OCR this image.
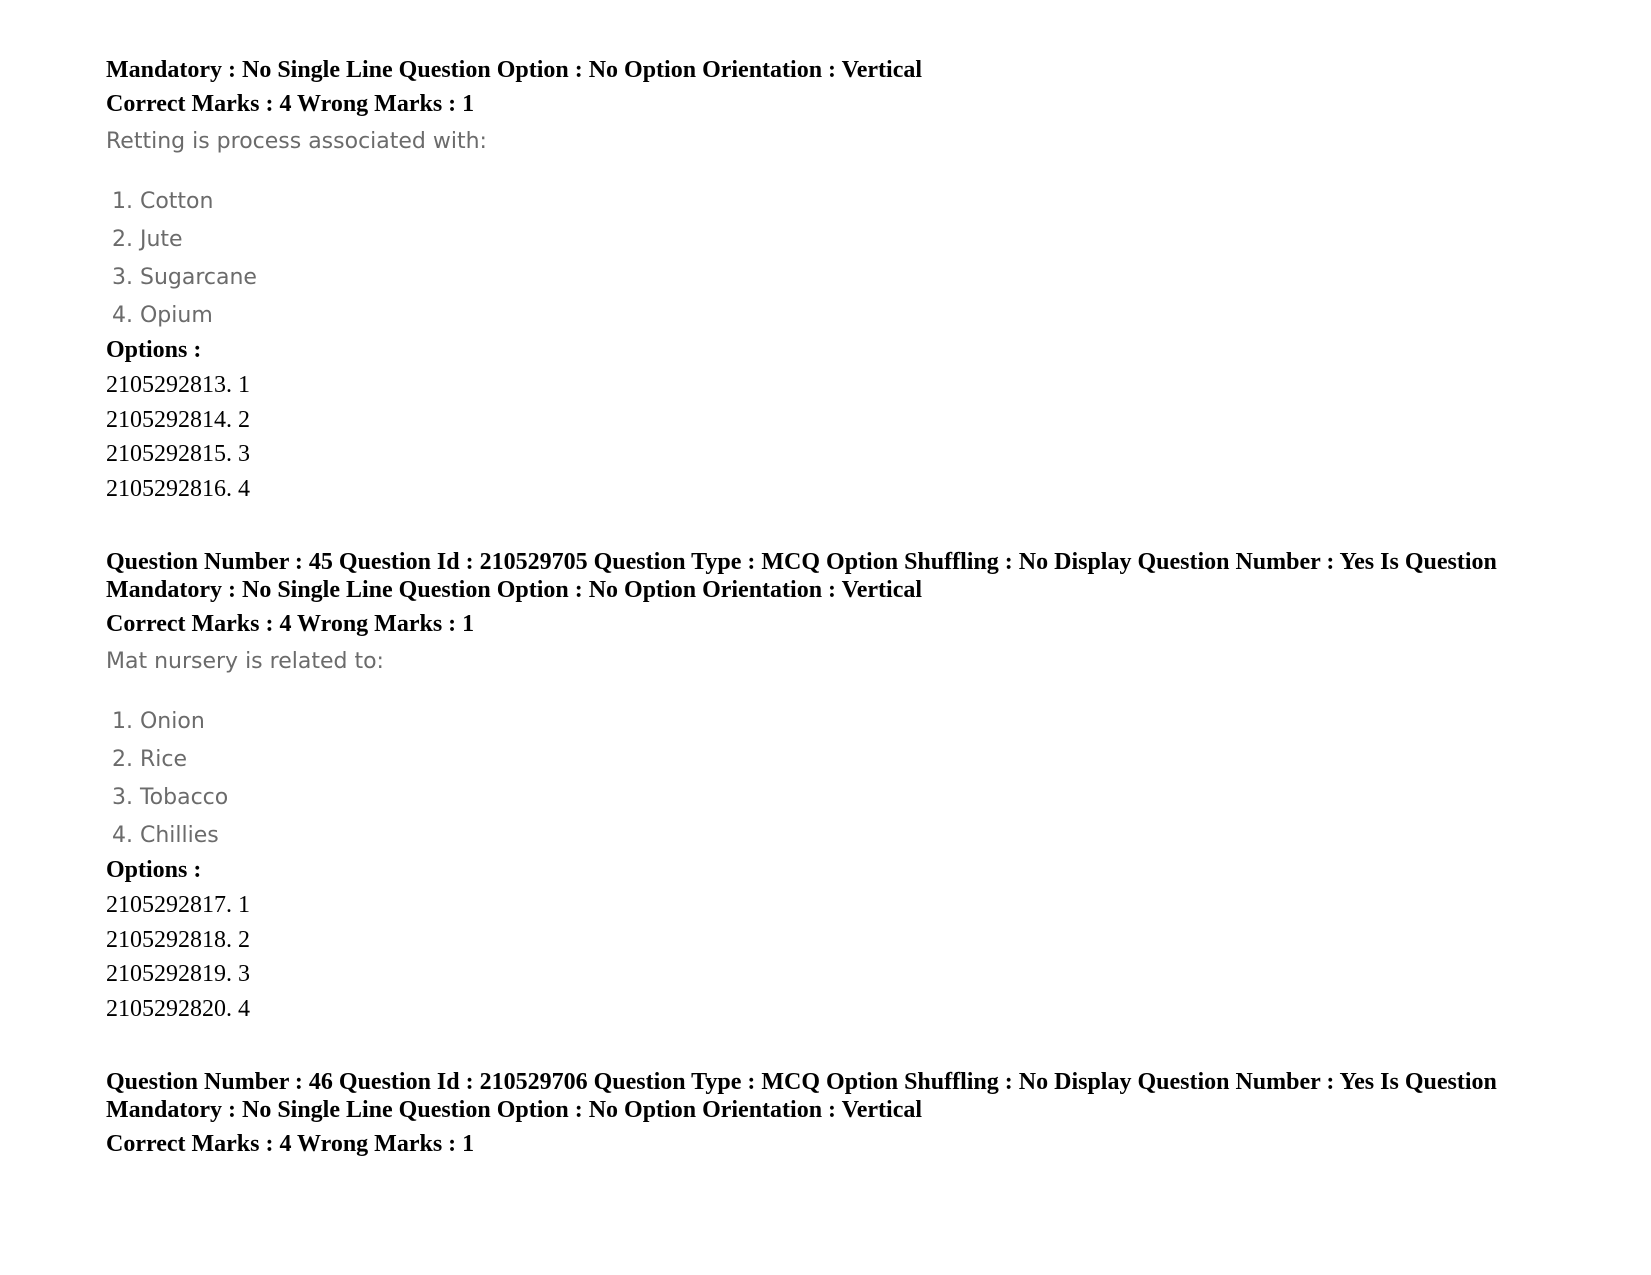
Mandatory : No Single Line Question Option : No Option Orientation : Vertical
Correct Marks : 4 Wrong Marks : 1
Retting is process associated with:
1. Cotton
2. Jute
3. Sugarcane
4. Opium
Options :
2105292813. 1
2105292814. 2
2105292815. 3
2105292816. 4
Question Number : 45 Question Id : 210529705 Question Type : MCQ Option Shuffling : No Display Question Number : Yes Is Question
Mandatory : No Single Line Question Option : No Option Orientation : Vertical
Correct Marks : 4 Wrong Marks : 1
Mat nursery is related to:
1. Onion
2. Rice
3. Tobacco
4. Chillies
Options :
2105292817. 1
2105292818. 2
2105292819. 3
2105292820. 4
Question Number : 46 Question Id : 210529706 Question Type : MCQ Option Shuffling : No Display Question Number : Yes Is Question
Mandatory : No Single Line Question Option : No Option Orientation : Vertical
Correct Marks : 4 Wrong Marks : 1
